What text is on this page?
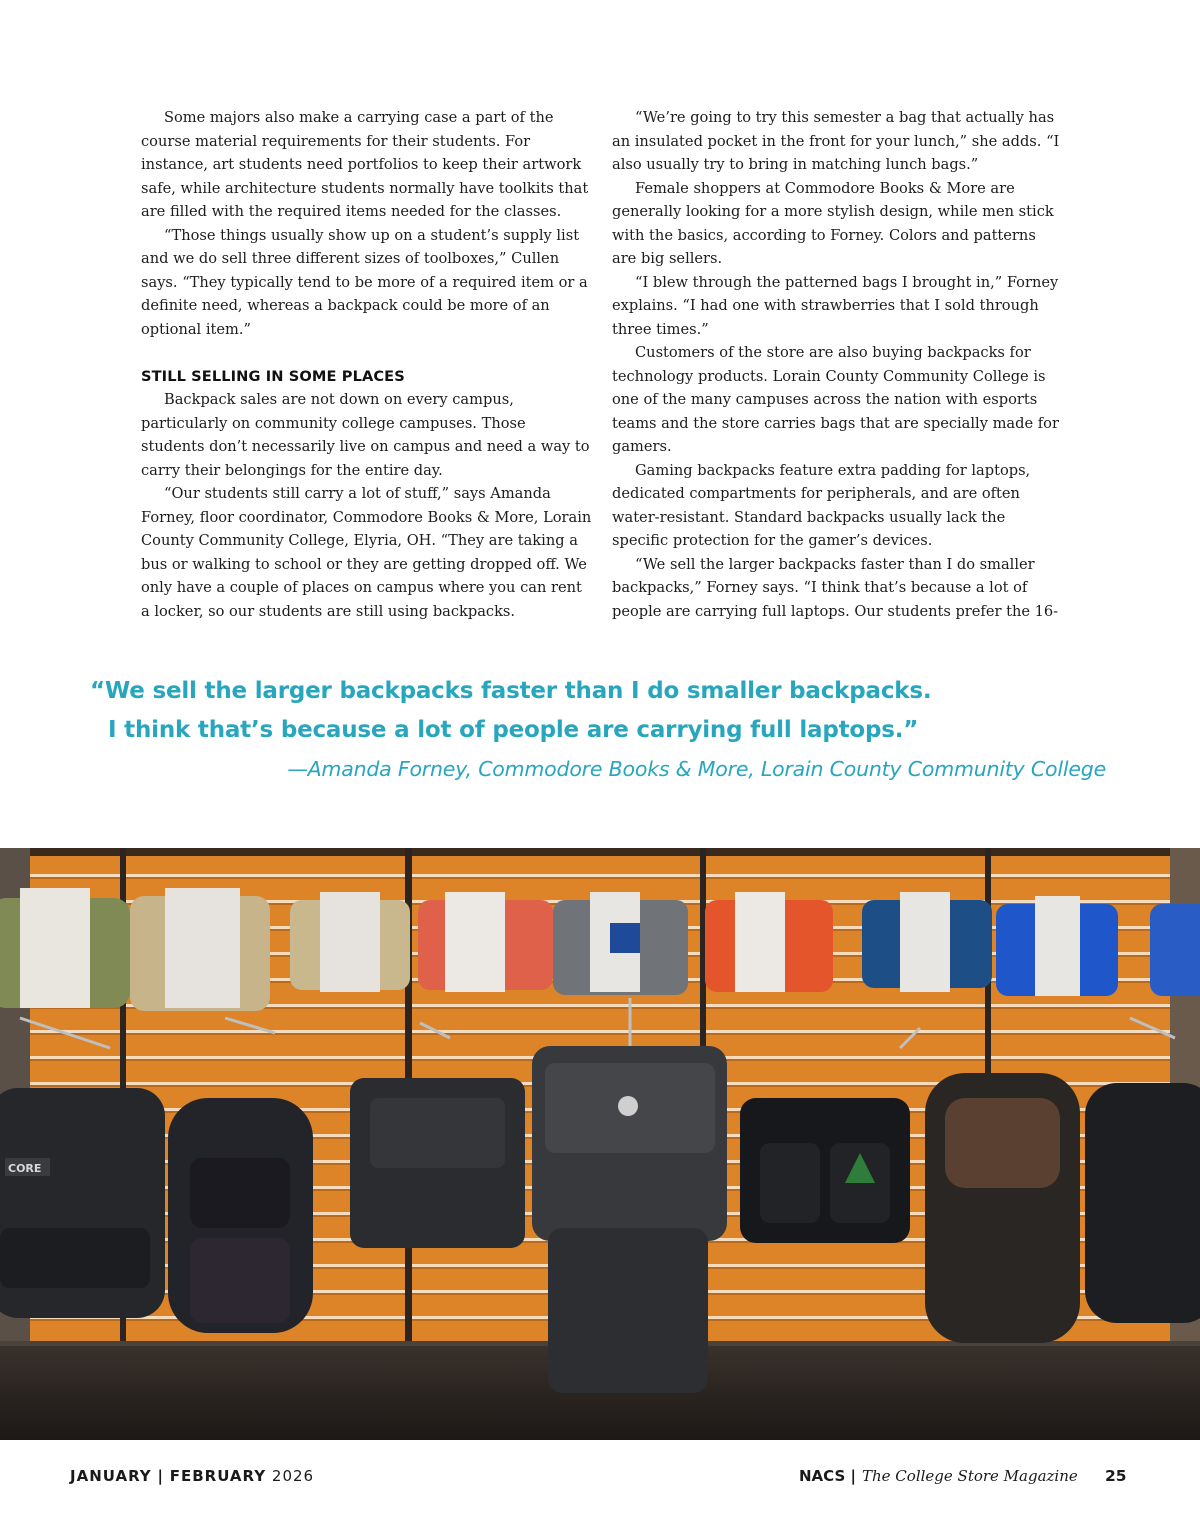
Some majors also make a carrying case a part of the course material requirements for their students. For instance, art students need portfolios to keep their artwork safe, while architecture students normally have toolkits that are filled with the required items needed for the classes.

“Those things usually show up on a student’s supply list and we do sell three different sizes of toolboxes,” Cullen says. “They typically tend to be more of a required item or a definite need, whereas a backpack could be more of an optional item.”

STILL SELLING IN SOME PLACES

Backpack sales are not down on every campus, particularly on community college campuses. Those students don’t necessarily live on campus and need a way to carry their belongings for the entire day.

“Our students still carry a lot of stuff,” says Amanda Forney, floor coordinator, Commodore Books & More, Lorain County Community College, Elyria, OH. “They are taking a bus or walking to school or they are getting dropped off. We only have a couple of places on campus where you can rent a locker, so our students are still using backpacks.

“We’re going to try this semester a bag that actually has an insulated pocket in the front for your lunch,” she adds. “I also usually try to bring in matching lunch bags.”

Female shoppers at Commodore Books & More are generally looking for a more stylish design, while men stick with the basics, according to Forney. Colors and patterns are big sellers.

“I blew through the patterned bags I brought in,” Forney explains. “I had one with strawberries that I sold through three times.”

Customers of the store are also buying backpacks for technology products. Lorain County Community College is one of the many campuses across the nation with esports teams and the store carries bags that are specially made for gamers.

Gaming backpacks feature extra padding for laptops, dedicated compartments for peripherals, and are often water-resistant. Standard backpacks usually lack the specific protection for the gamer’s devices.

“We sell the larger backpacks faster than I do smaller backpacks,” Forney says. “I think that’s because a lot of people are carrying full laptops. Our students prefer the 16-

“We sell the larger backpacks faster than I do smaller backpacks.
I think that’s because a lot of people are carrying full laptops.”
—Amanda Forney, Commodore Books & More, Lorain County Community College
CORE
JANUARY | FEBRUARY 2026	NACS | The College Store Magazine 25
